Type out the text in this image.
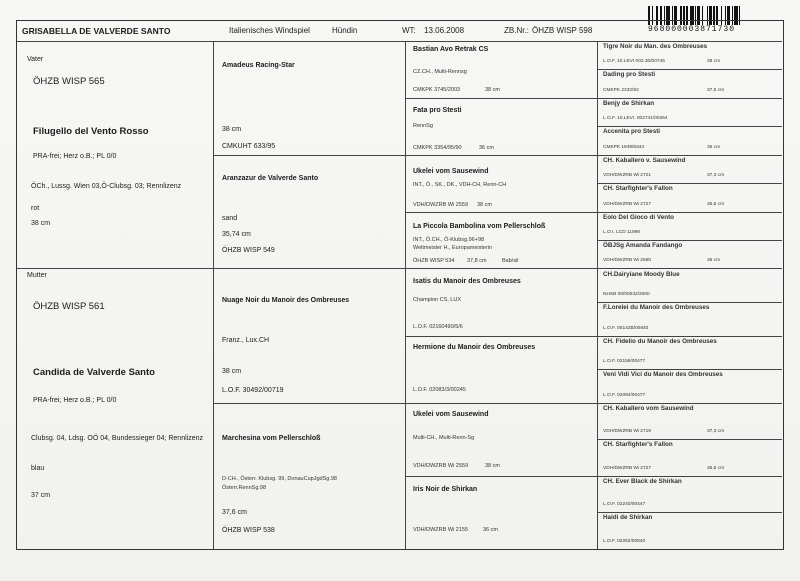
968000003871730
GRISABELLA DE VALVERDE SANTO	Italienisches Windspiel	Hündin	WT: 13.06.2008	ZB.Nr.: ÖHZB WISP 598
Vater
ÖHZB WISP 565
Filugello del Vento Rosso
PRA-frei; Herz o.B.; PL 0/0
ÖCh., Lussg. Wien 03,Ö-Clubsg. 03; Rennlizenz
rot
38 cm
Mutter
ÖHZB WISP 561
Candida de Valverde Santo
PRA-frei; Herz o.B.; PL 0/0
Clubsg. 04, Ldsg. OÖ 04, Bundessieger 04; Rennlizenz
blau
37 cm
Amadeus Racing-Star
38 cm
CMKUHT 633/95
Aranzazur de Valverde Santo
sand
35,74 cm
ÖHZB WISP 549
Nuage Noir du Manoir des Ombreuses
Franz., Lux.CH
38 cm
L.O.F. 30492/00719
Marchesina vom Pellerschloß
D-CH., Österr. Klubsg. 99, DonauCupJgdSg.98
Österr.RennSg.98
37,6 cm
ÖHZB WISP 538
Bastian Avo Retrak CS
CZ.CH., Multi-Rennsg
CMKPK 3745/2003	38 cm
Fata pro Stesti
RennSg
CMKPK 3354/95/90	36 cm
Ukelei vom Sausewind
INT., Ö., SK., DK., VDH-CH, Renn-CH
VDH/DWZRB Wi 2559 38 cm
La Piccola Bambolina vom Pellerschloß
INT., Ö.CH., Ö-Klubsg.96+98
Weltmeister H., Europameisterin
ÖHZB WISP 534 37,8 cm	Bab/sil
Isatis du Manoir des Ombreuses
Champion CS, LUX
L.O.F. 02160490/5/6
Hermione du Manoir des Ombreuses
L.O.F. 02083/3/00245
Ukelei vom Sausewind
Multi-CH., Multi-Renn-Sg
VDH/DWZRB Wi 2559	38 cm
Iris Noir de Shirkan
VDH/DWZRB Wi 2155	36 cm
Tigre Noir du Man. des Ombreuses
L.O.F. 10.LEVI 002.30/00745	38 cm
Dading pro Stesti
CMKPK 2332/92	37,5 cm
Benjy de Shirkan
L.O.F. 10.LEVI. 002741/00354
Accenita pro Stesti
CMKPK 1949/8344	35 cm
CH. Kaballero v. Sausewind
VDH/DWZRB Wi 2721	37,3 cm
CH. Starfighter's Fallon
VDH/DWZRB Wi 2727	35,5 cm
Eolo Del Gioco di Vento
L.O.I. LCD 11998
ÖBJSg Amanda Fandango
VDH/DWZRB Wi 2660	36 cm
CH.Dairyiane Moody Blue
NHSB 00/00032/2000
F.Lorelei du Manoir des Ombreuses
L.O.F. 00142B/00840
CH. Fidelio du Manoir des Ombreuses
L.O.F. 02158/00477
Veni Vidi Vici du Manoir des Ombreuses
L.O.F. 02094/00477
CH. Kaballero vom Sausewind
VDH/DWZRB Wi 2719	37,3 cm
CH. Starfighter's Fallon
VDH/DWZRB Wi 2727	35,5 cm
CH. Ever Black de Shirkan
L.O.F. 02240/00447
Haidi de Shirkan
L.O.F. 02262/00840
